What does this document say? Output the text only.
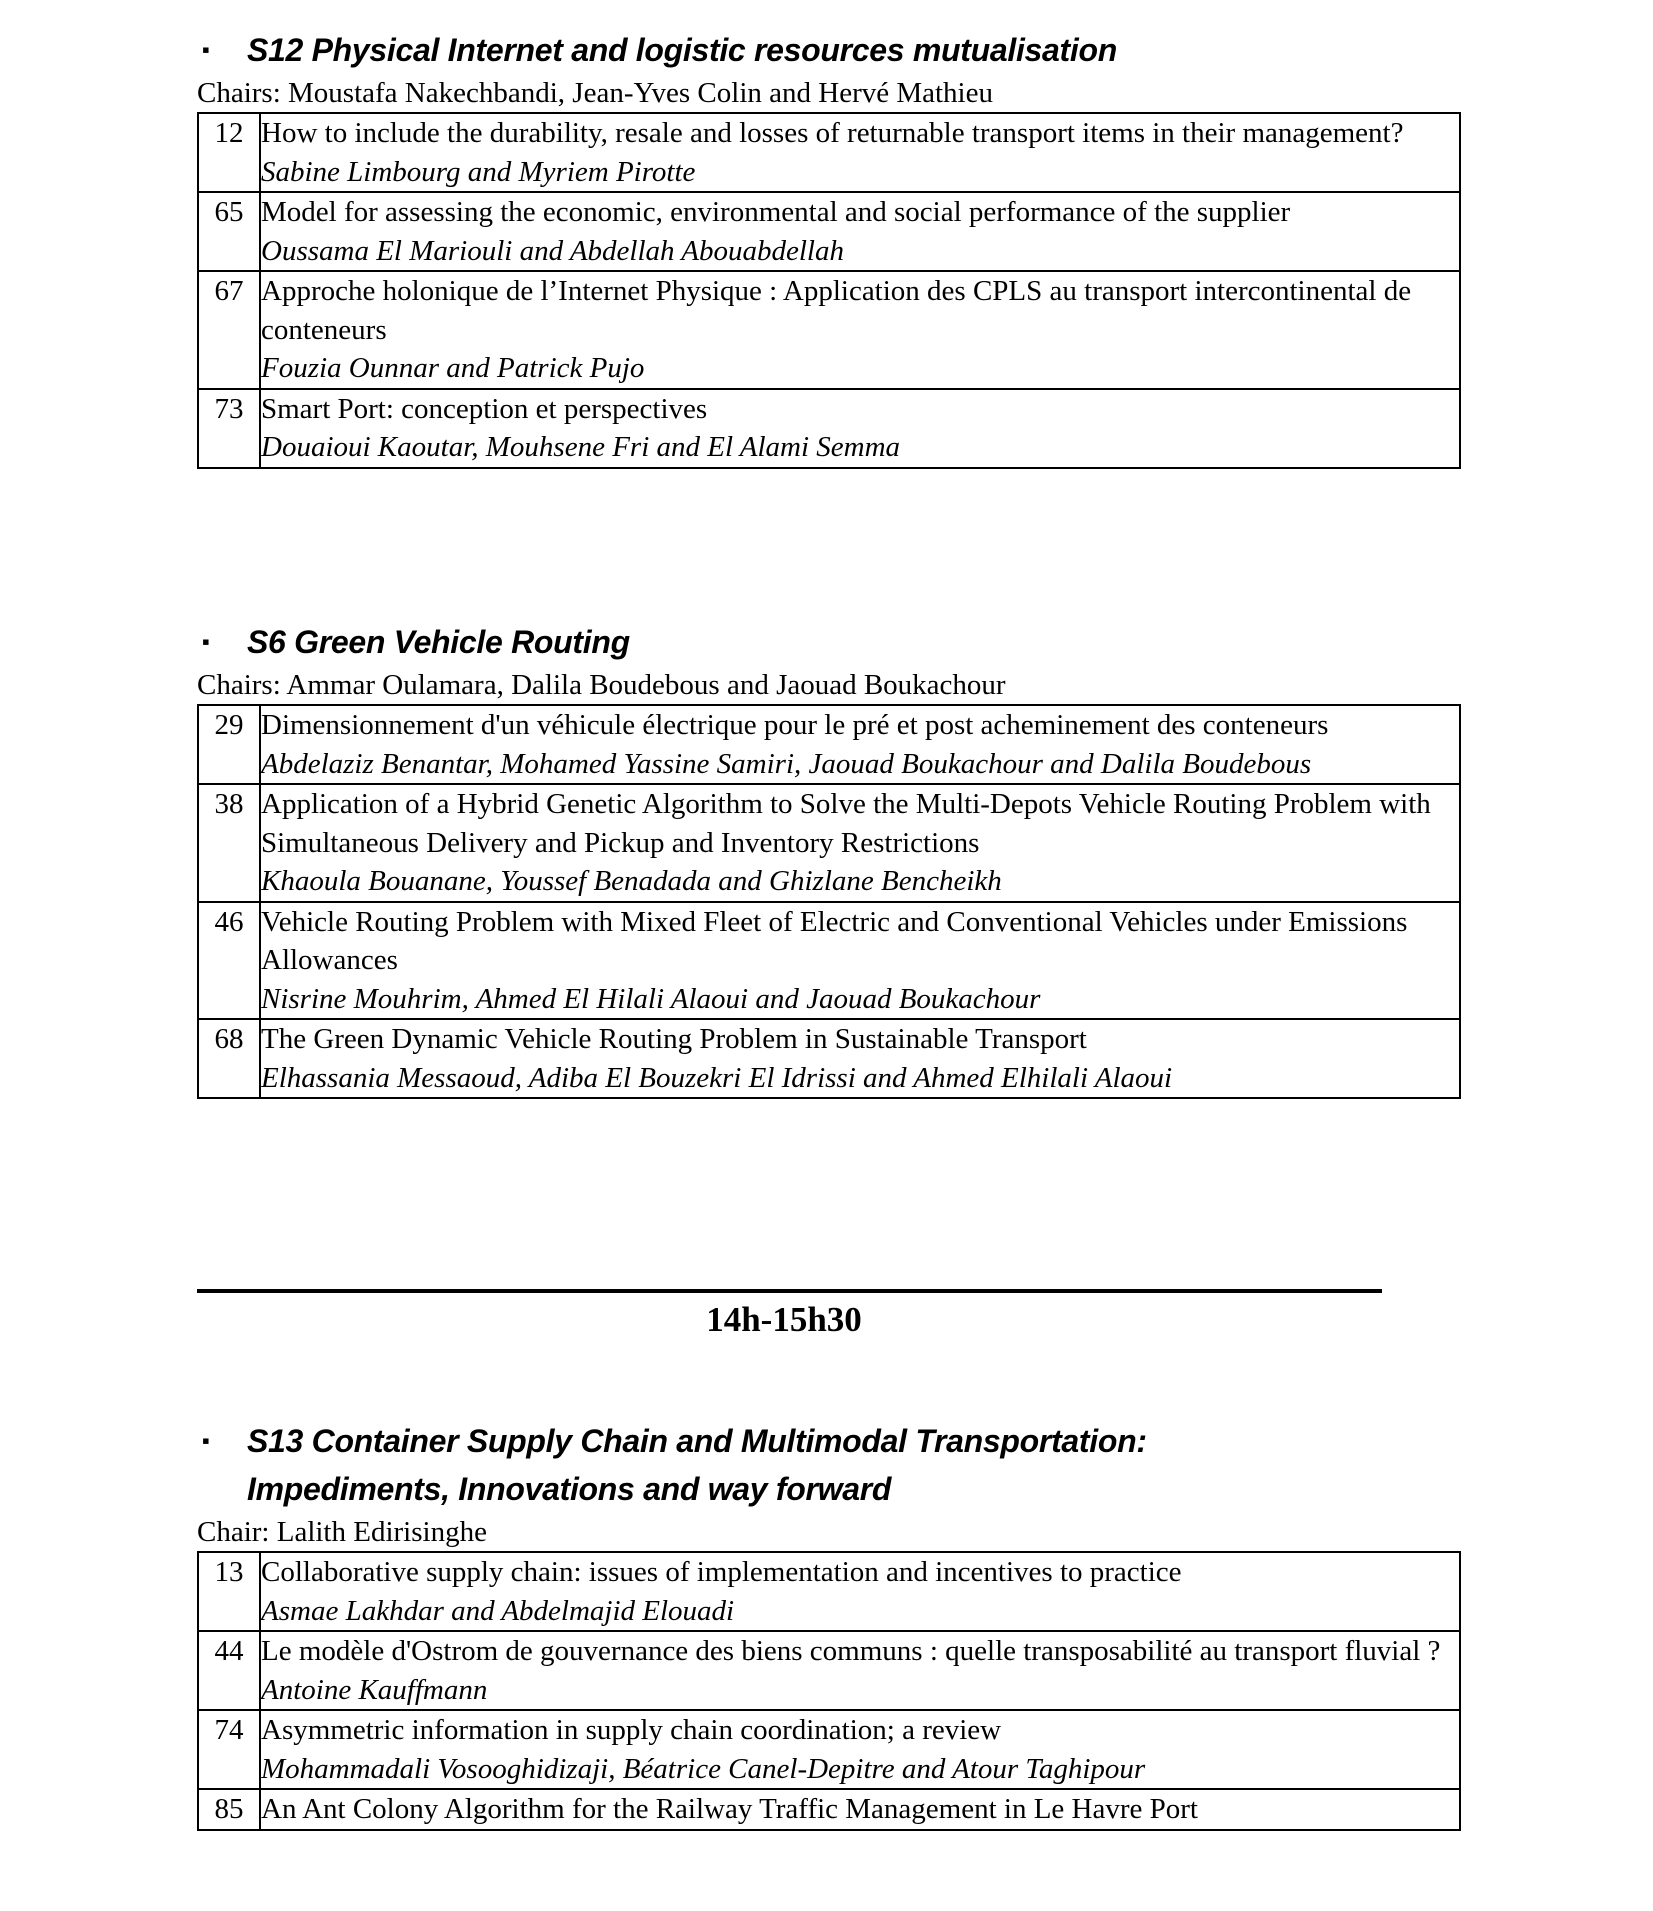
▪ S12 Physical Internet and logistic resources mutualisation

Chairs: Moustafa Nakechbandi, Jean-Yves Colin and Hervé Mathieu

12	How to include the durability, resale and losses of returnable transport items in their management?
Sabine Limbourg and Myriem Pirotte

65	Model for assessing the economic, environmental and social performance of the supplier
Oussama El Mariouli and Abdellah Abouabdellah

67	Approche holonique de l’Internet Physique : Application des CPLS au transport intercontinental de conteneurs
Fouzia Ounnar and Patrick Pujo

73	Smart Port: conception et perspectives
Douaioui Kaoutar, Mouhsene Fri and El Alami Semma
▪ S6 Green Vehicle Routing

Chairs: Ammar Oulamara, Dalila Boudebous and Jaouad Boukachour

29	Dimensionnement d'un véhicule électrique pour le pré et post acheminement des conteneurs
Abdelaziz Benantar, Mohamed Yassine Samiri, Jaouad Boukachour and Dalila Boudebous

38	Application of a Hybrid Genetic Algorithm to Solve the Multi-Depots Vehicle Routing Problem with Simultaneous Delivery and Pickup and Inventory Restrictions
Khaoula Bouanane, Youssef Benadada and Ghizlane Bencheikh

46	Vehicle Routing Problem with Mixed Fleet of Electric and Conventional Vehicles under Emissions Allowances
Nisrine Mouhrim, Ahmed El Hilali Alaoui and Jaouad Boukachour

68	The Green Dynamic Vehicle Routing Problem in Sustainable Transport
Elhassania Messaoud, Adiba El Bouzekri El Idrissi and Ahmed Elhilali Alaoui
14h-15h30
▪ S13 Container Supply Chain and Multimodal Transportation:
Impediments, Innovations and way forward

Chair: Lalith Edirisinghe

13	Collaborative supply chain: issues of implementation and incentives to practice
Asmae Lakhdar and Abdelmajid Elouadi

44	Le modèle d'Ostrom de gouvernance des biens communs : quelle transposabilité au transport fluvial ?
Antoine Kauffmann

74	Asymmetric information in supply chain coordination; a review
Mohammadali Vosooghidizaji, Béatrice Canel-Depitre and Atour Taghipour

85	An Ant Colony Algorithm for the Railway Traffic Management in Le Havre Port
